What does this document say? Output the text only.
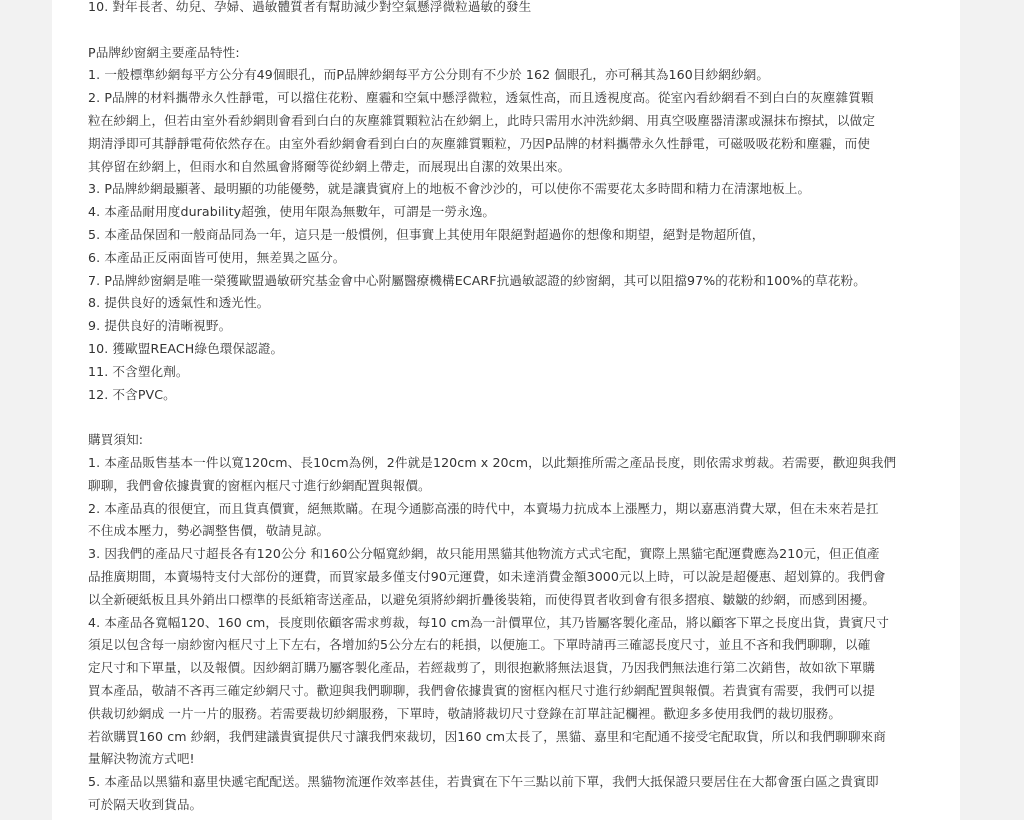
10. 對年長者、幼兒、孕婦、過敏體質者有幫助減少對空氣懸浮微粒過敏的發生

P品牌紗窗網主要產品特性:

1. 一般標準紗網每平方公分有49個眼孔，而P品牌紗網每平方公分則有不少於 162 個眼孔，亦可稱其為160目紗網紗網。

2. P品牌的材料攜帶永久性靜電，可以擋住花粉、塵霾和空氣中懸浮微粒，透氣性高，而且透視度高。從室內看紗網看不到白白的灰塵雜質顆

粒在紗網上，但若由室外看紗網則會看到白白的灰塵雜質顆粒沾在紗網上，此時只需用水沖洗紗網、用真空吸塵器清潔或濕抹布擦拭，以做定

期清淨即可其靜靜電荷依然存在。由室外看紗網會看到白白的灰塵雜質顆粒，乃因P品牌的材料攜帶永久性靜電，可磁吸吸花粉和塵霾，而使

其停留在紗網上，但雨水和自然風會將爾等從紗網上帶走，而展現出自潔的效果出來。

3. P品牌紗網最顯著、最明顯的功能優勢，就是讓貴賓府上的地板不會沙沙的，可以使你不需要花太多時間和精力在清潔地板上。

4. 本產品耐用度durability超強，使用年限為無數年，可謂是一勞永逸。

5. 本產品保固和一般商品同為一年，這只是一般慣例，但事實上其使用年限絕對超過你的想像和期望，絕對是物超所值，

6. 本產品正反兩面皆可使用，無差異之區分。

7. P品牌紗窗網是唯一榮獲歐盟過敏研究基金會中心附屬醫療機構ECARF抗過敏認證的紗窗網，其可以阻擋97%的花粉和100%的草花粉。

8. 提供良好的透氣性和透光性。

9. 提供良好的清晰視野。

10. 獲歐盟REACH綠色環保認證。

11. 不含塑化劑。

12. 不含PVC。

購買須知:

1. 本產品販售基本一件以寬120cm、長10cm為例，2件就是120cm x 20cm，以此類推所需之產品長度，則依需求剪裁。若需要，歡迎與我們

聊聊，我們會依據貴實的窗框內框尺寸進行紗網配置與報價。

2. 本產品真的很便宜，而且貨真價實，絕無欺瞞。在現今通膨高漲的時代中，本賣場力抗成本上漲壓力，期以嘉惠消費大眾，但在未來若是扛

不住成本壓力，勢必調整售價，敬請見諒。

3. 因我們的產品尺寸超長各有120公分 和160公分幅寬紗網，故只能用黑貓其他物流方式式宅配，實際上黑貓宅配運費應為210元，但正值產

品推廣期間，本賣場特支付大部份的運費，而買家最多僅支付90元運費，如未達消費金額3000元以上時，可以說是超優惠、超划算的。我們會

以全新硬紙板且具外銷出口標準的長紙箱寄送產品，以避免須將紗網折疊後裝箱，而使得買者收到會有很多摺痕、皺皺的紗網，而感到困擾。

4. 本產品各寬幅120、160 cm，長度則依顧客需求剪裁，每10 cm為一計價單位，其乃皆屬客製化產品，將以顧客下單之長度出貨，貴賓尺寸

須足以包含每一扇紗窗內框尺寸上下左右，各增加約5公分左右的耗損，以便施工。下單時請再三確認長度尺寸，並且不吝和我們聊聊，以確

定尺寸和下單量，以及報價。因紗網訂購乃屬客製化產品，若經裁剪了，則很抱歉將無法退貨，乃因我們無法進行第二次銷售，故如欲下單購

買本產品，敬請不吝再三確定紗網尺寸。歡迎與我們聊聊，我們會依據貴賓的窗框內框尺寸進行紗網配置與報價。若貴賓有需要，我們可以提

供裁切紗網成 一片一片的服務。若需要裁切紗網服務，下單時，敬請將裁切尺寸登錄在訂單註記欄裡。歡迎多多使用我們的裁切服務。

若欲購買160 cm 紗網，我們建議貴賓提供尺寸讓我們來裁切，因160 cm太長了，黑貓、嘉里和宅配通不接受宅配取貨，所以和我們聊聊來商

量解決物流方式吧!

5. 本產品以黑貓和嘉里快遞宅配配送。黑貓物流運作效率甚佳，若貴賓在下午三點以前下單，我們大抵保證只要居住在大都會蛋白區之貴賓即

可於隔天收到貨品。
